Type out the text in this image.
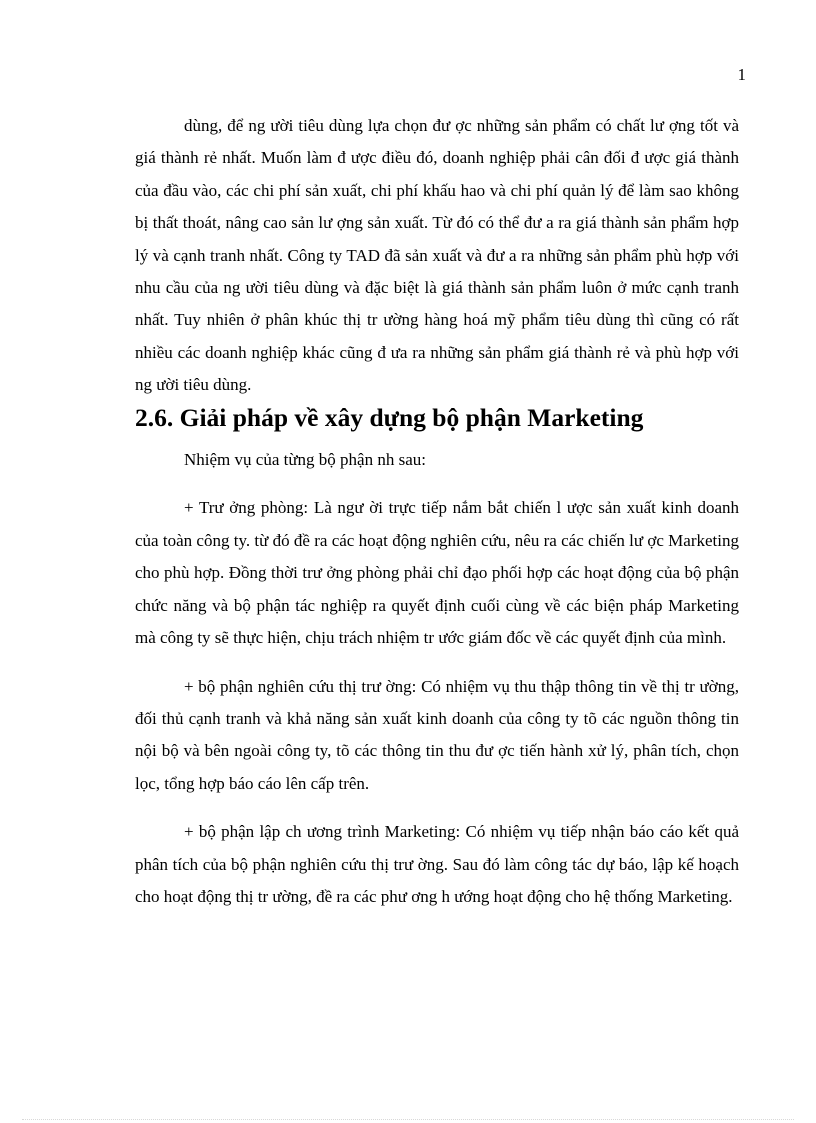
1

dùng, để ng ười tiêu dùng lựa chọn đư ợc những sản phẩm có chất lư ợng tốt và giá thành rẻ nhất. Muốn làm đ ược điều đó, doanh nghiệp phải cân đối đ ược giá thành của đầu vào, các chi phí sản xuất, chi phí khấu hao và chi phí quản lý để làm sao không bị thất thoát, nâng cao sản lư ợng sản xuất. Từ đó có thể đư a ra giá thành sản phẩm hợp lý và cạnh tranh nhất. Công ty TAD đã sản xuất và đư a ra những sản phẩm phù hợp với nhu cầu của ng ười tiêu dùng và đặc biệt là giá thành sản phẩm luôn ở mức cạnh tranh nhất. Tuy nhiên ở phân khúc thị tr ường hàng hoá mỹ phẩm tiêu dùng thì cũng có rất nhiều các doanh nghiệp khác cũng đ ưa ra những sản phẩm giá thành rẻ và phù hợp với ng ười tiêu dùng.

2.6. Giải pháp về xây dựng bộ phận Marketing

Nhiệm vụ của từng bộ phận nh sau:

+ Trư ởng phòng: Là ngư ời trực tiếp nắm bắt chiến l ược sản xuất kinh doanh của toàn công ty. từ đó đề ra các hoạt động nghiên cứu, nêu ra các chiến lư ợc Marketing cho phù hợp. Đồng thời trư ởng phòng phải chỉ đạo phối hợp các hoạt động của bộ phận chức năng và bộ phận tác nghiệp ra quyết định cuối cùng về các biện pháp Marketing mà công ty sẽ thực hiện, chịu trách nhiệm tr ước giám đốc về các quyết định của mình.

+ bộ phận nghiên cứu thị trư ờng: Có nhiệm vụ thu thập thông tin về thị tr ường, đối thủ cạnh tranh và khả năng sản xuất kinh doanh của công ty tõ các nguồn thông tin nội bộ và bên ngoài công ty, tõ các thông tin thu đư ợc tiến hành xử lý, phân tích, chọn lọc, tổng hợp báo cáo lên cấp trên.

+ bộ phận lập ch ương trình Marketing: Có nhiệm vụ tiếp nhận báo cáo kết quả phân tích của bộ phận nghiên cứu thị trư ờng. Sau đó làm công tác dự báo, lập kế hoạch cho hoạt động thị tr ường, đề ra các phư ơng h ướng hoạt động cho hệ thống Marketing.
